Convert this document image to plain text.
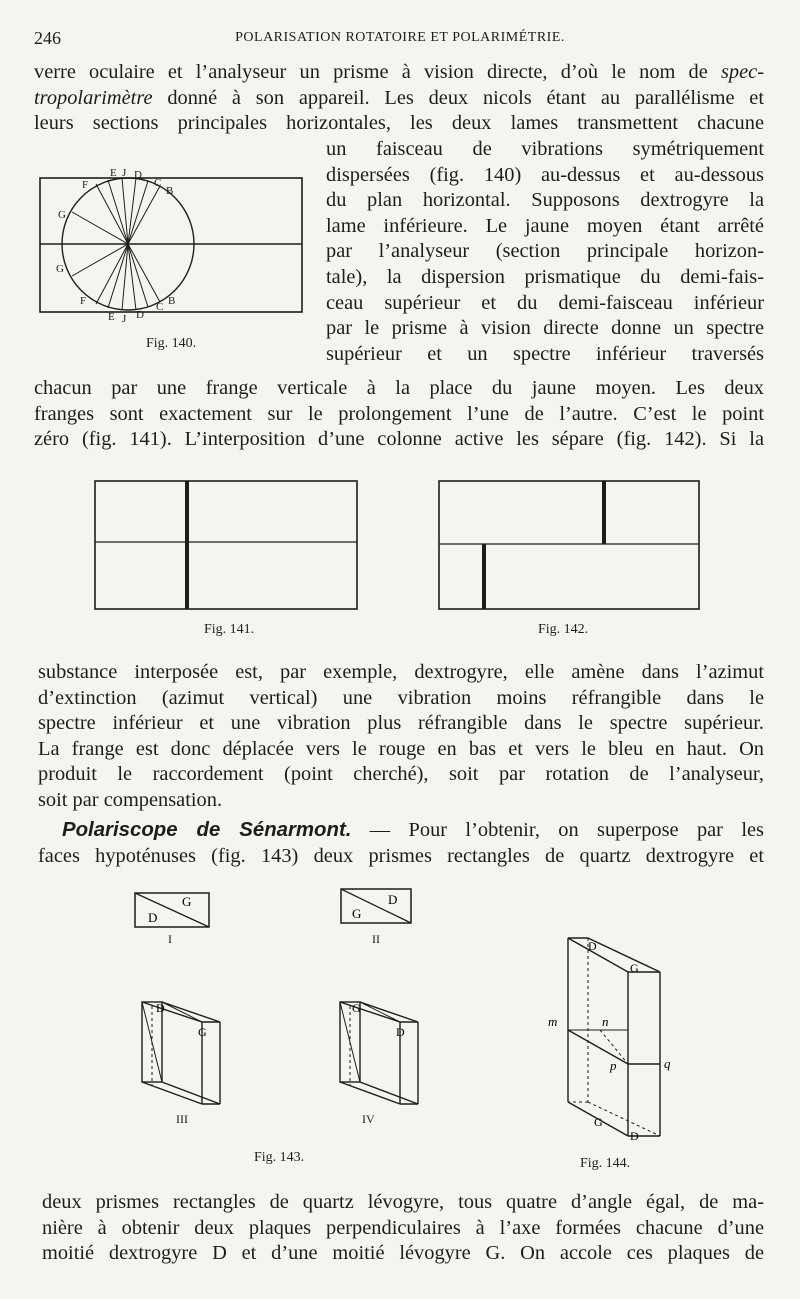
246	POLARISATION ROTATOIRE ET POLARIMÉTRIE.
verre oculaire et l’analyseur un prisme à vision directe, d’où le nom de spec-
tropolarimètre donné à son appareil. Les deux nicols étant au parallélisme et
leurs sections principales horizontales, les deux lames transmettent chacune
un faisceau de vibrations symétriquement
dispersées (fig. 140) au-dessus et au-dessous
du plan horizontal. Supposons dextrogyre la
lame inférieure. Le jaune moyen étant arrêté
par l’analyseur (section principale horizon-
tale), la dispersion prismatique du demi-fais-
ceau supérieur et du demi-faisceau inférieur
par le prisme à vision directe donne un spectre
supérieur et un spectre inférieur traversés
E J D
C
B
F
G
F
E J D
C B
G
Fig. 140.
chacun par une frange verticale à la place du jaune moyen. Les deux
franges sont exactement sur le prolongement l’une de l’autre. C’est le point
zéro (fig. 141). L’interposition d’une colonne active les sépare (fig. 142). Si la
Fig. 141.	Fig. 142.
substance interposée est, par exemple, dextrogyre, elle amène dans l’azimut
d’extinction (azimut vertical) une vibration moins réfrangible dans le
spectre inférieur et une vibration plus réfrangible dans le spectre supérieur.
La frange est donc déplacée vers le rouge en bas et vers le bleu en haut. On
produit le raccordement (point cherché), soit par rotation de l’analyseur,
soit par compensation.
Polariscope de Sénarmont. — Pour l’obtenir, on superpose par les
faces hypoténuses (fig. 143) deux prismes rectangles de quartz dextrogyre et
D
G
I
G
D
II
D
G
III
G
D
IV
Fig. 143.
D
G
m	n
p	q
G
D
Fig. 144.
deux prismes rectangles de quartz lévogyre, tous quatre d’angle égal, de ma-
nière à obtenir deux plaques perpendiculaires à l’axe formées chacune d’une
moitié dextrogyre D et d’une moitié lévogyre G. On accole ces plaques de
